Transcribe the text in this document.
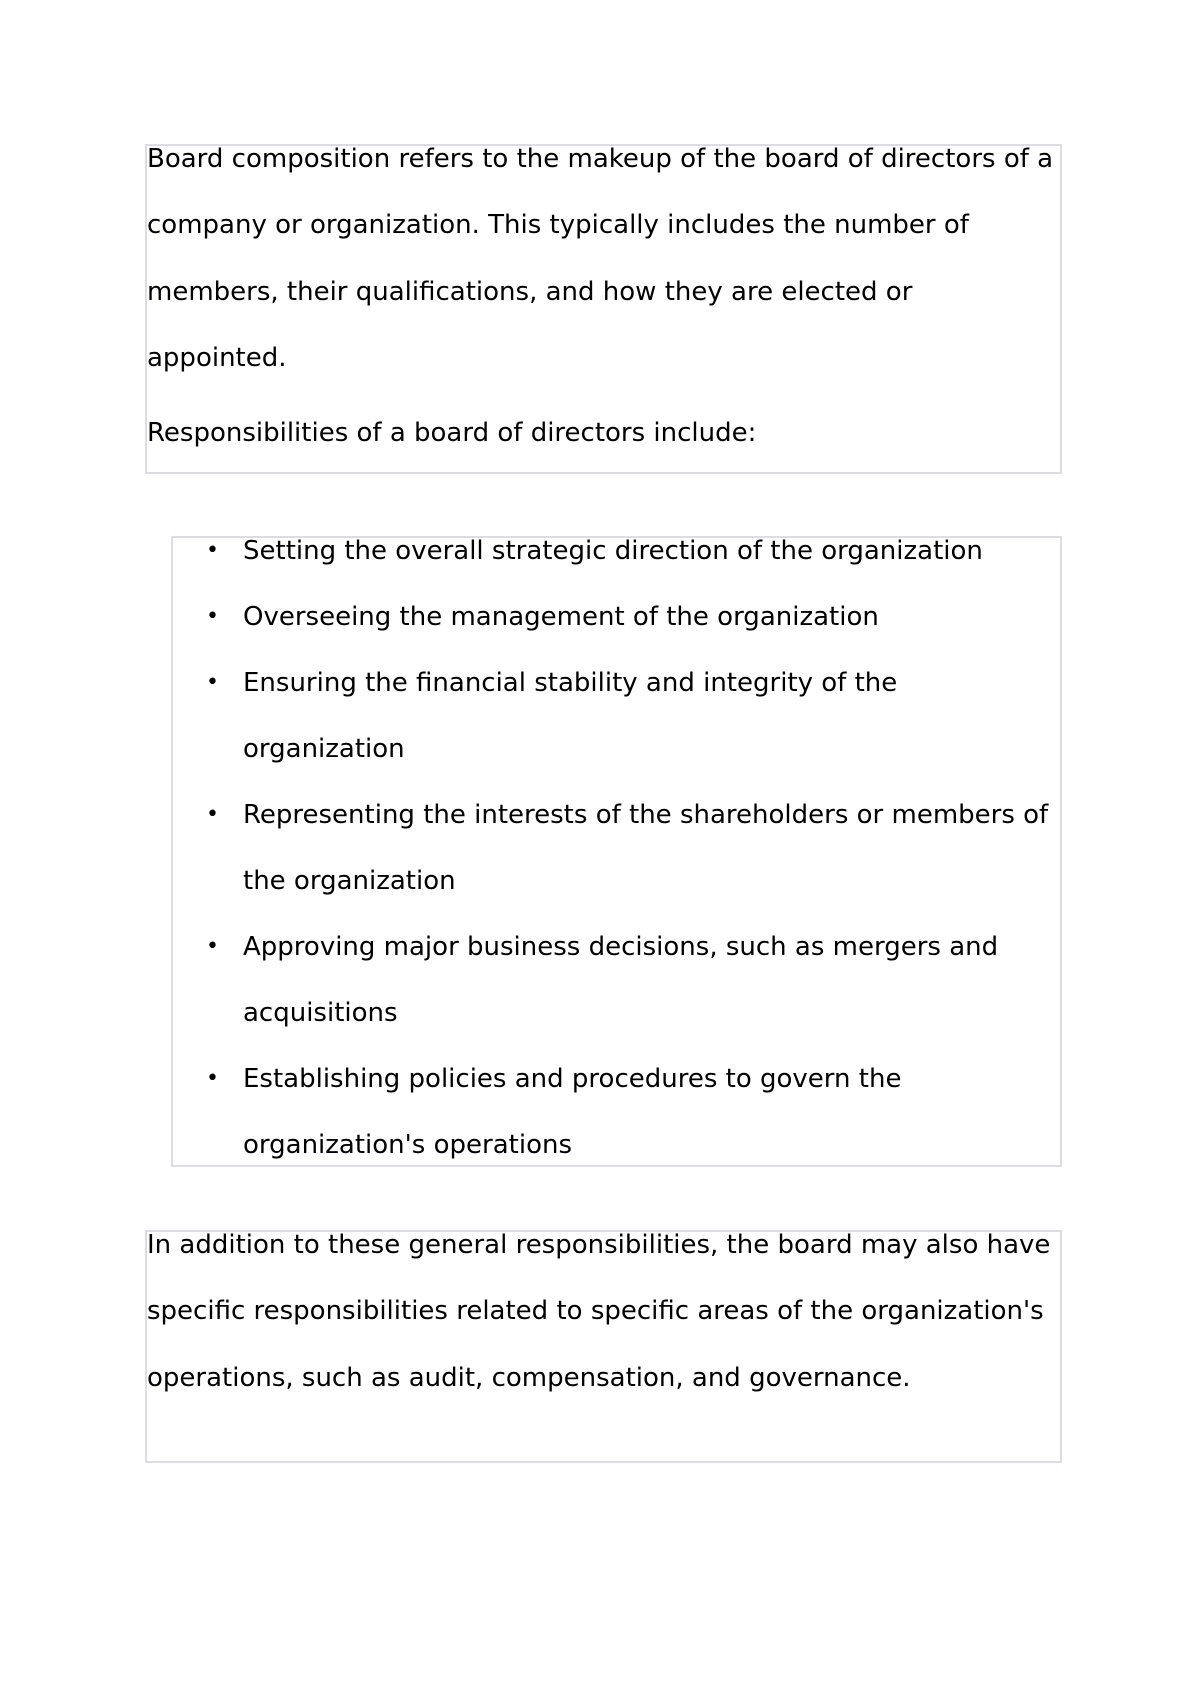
Board composition refers to the makeup of the board of directors of a company or organization. This typically includes the number of members, their qualifications, and how they are elected or appointed.

Responsibilities of a board of directors include:

• Setting the overall strategic direction of the organization
• Overseeing the management of the organization
• Ensuring the financial stability and integrity of the organization
• Representing the interests of the shareholders or members of the organization
• Approving major business decisions, such as mergers and acquisitions
• Establishing policies and procedures to govern the organization's operations

In addition to these general responsibilities, the board may also have specific responsibilities related to specific areas of the organization's operations, such as audit, compensation, and governance.
